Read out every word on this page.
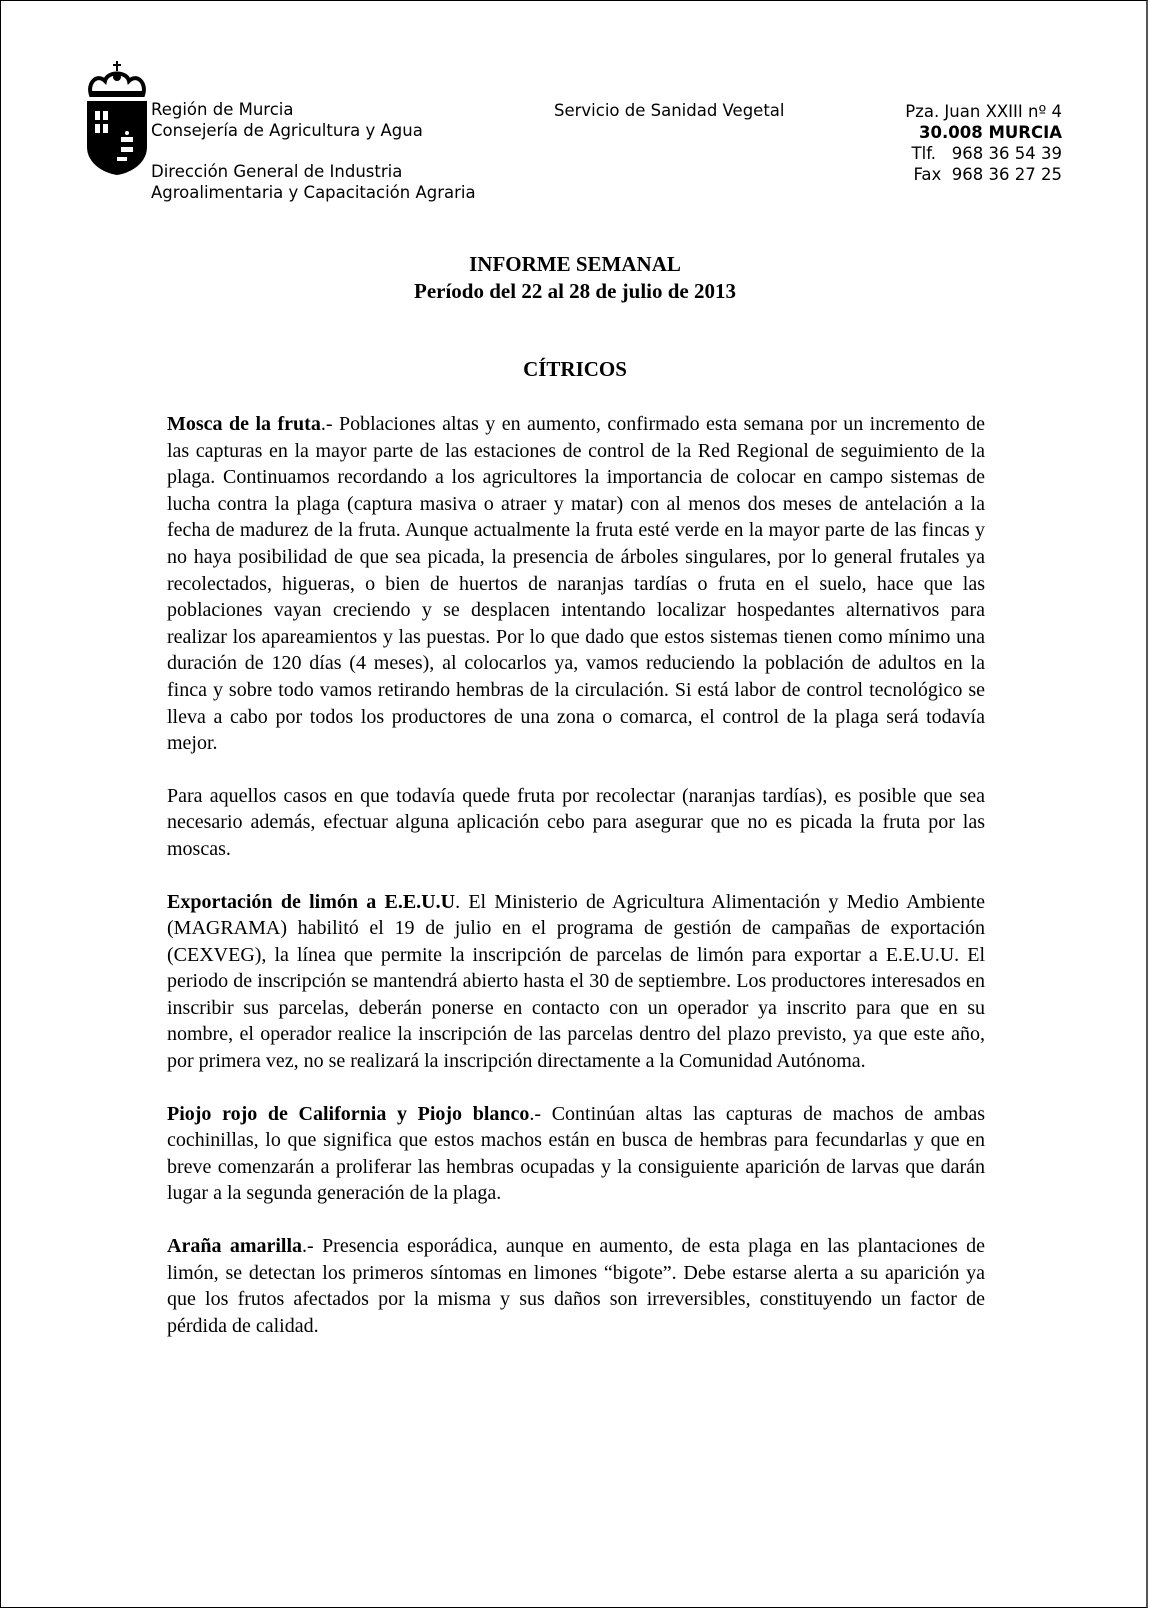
Región de Murcia
Consejería de Agricultura y Agua
Dirección General de Industria
Agroalimentaria y Capacitación Agraria
Servicio de Sanidad Vegetal	Pza. Juan XXIII nº 4
30.008 MURCIA
Tlf.   968 36 54 39
Fax  968 36 27 25
INFORME SEMANAL
Período del 22 al 28 de julio de 2013
CÍTRICOS

Mosca de la fruta.- Poblaciones altas y en aumento, confirmado esta semana por un incremento de las capturas en la mayor parte de las estaciones de control de la Red Regional de seguimiento de la plaga. Continuamos recordando a los agricultores la importancia de colocar en campo sistemas de lucha contra la plaga (captura masiva o atraer y matar) con al menos dos meses de antelación a la fecha de madurez de la fruta. Aunque actualmente la fruta esté verde en la mayor parte de las fincas y no haya posibilidad de que sea picada, la presencia de árboles singulares, por lo general frutales ya recolectados, higueras, o bien de huertos de naranjas tardías o fruta en el suelo, hace que las poblaciones vayan creciendo y se desplacen intentando localizar hospedantes alternativos para realizar los apareamientos y las puestas. Por lo que dado que estos sistemas tienen como mínimo una duración de 120 días (4 meses), al colocarlos ya, vamos reduciendo la población de adultos en la finca y sobre todo vamos retirando hembras de la circulación. Si está labor de control tecnológico se lleva a cabo por todos los productores de una zona o comarca, el control de la plaga será todavía mejor.

Para aquellos casos en que todavía quede fruta por recolectar (naranjas tardías), es posible que sea necesario además, efectuar alguna aplicación cebo para asegurar que no es picada la fruta por las moscas.

Exportación de limón a E.E.U.U. El Ministerio de Agricultura Alimentación y Medio Ambiente (MAGRAMA) habilitó el 19 de julio en el programa de gestión de campañas de exportación (CEXVEG), la línea que permite la inscripción de parcelas de limón para exportar a E.E.U.U. El periodo de inscripción se mantendrá abierto hasta el 30 de septiembre. Los productores interesados en inscribir sus parcelas, deberán ponerse en contacto con un operador ya inscrito para que en su nombre, el operador realice la inscripción de las parcelas dentro del plazo previsto, ya que este año, por primera vez, no se realizará la inscripción directamente a la Comunidad Autónoma.

Piojo rojo de California y Piojo blanco.- Continúan altas las capturas de machos de ambas cochinillas, lo que significa que estos machos están en busca de hembras para fecundarlas y que en breve comenzarán a proliferar las hembras ocupadas y la consiguiente aparición de larvas que darán lugar a la segunda generación de la plaga.

Araña amarilla.- Presencia esporádica, aunque en aumento, de esta plaga en las plantaciones de limón, se detectan los primeros síntomas en limones “bigote”. Debe estarse alerta a su aparición ya que los frutos afectados por la misma y sus daños son irreversibles, constituyendo un factor de pérdida de calidad.
